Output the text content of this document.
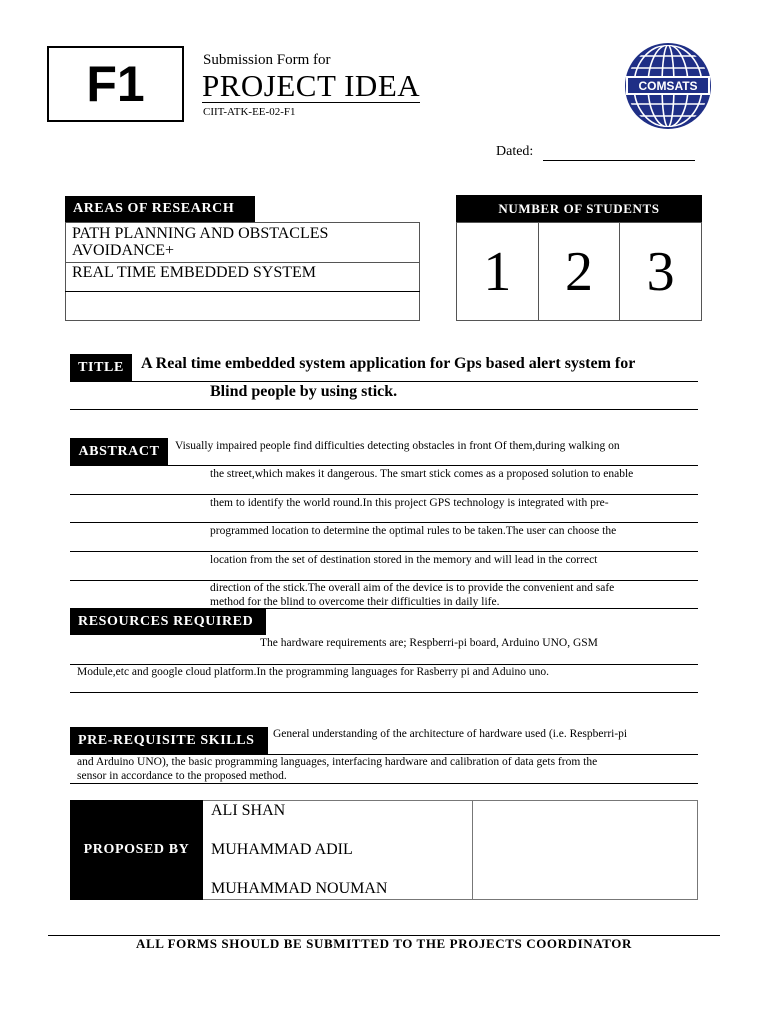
F1	Submission Form for
PROJECT IDEA
CIIT-ATK-EE-02-F1
COMSATS
Dated:
AREAS OF RESEARCH
PATH PLANNING AND OBSTACLES
AVOIDANCE+
REAL TIME EMBEDDED SYSTEM
NUMBER OF STUDENTS
1 2 3
TITLE A Real time embedded system application for Gps based alert system for
Blind people by using stick.
ABSTRACT Visually impaired people find difficulties detecting obstacles in front Of them,during walking on
the street,which makes it dangerous. The smart stick comes as a proposed solution to enable
them to identify the world round.In this project GPS technology is integrated with pre-
programmed location to determine the optimal rules to be taken.The user can choose the
location from the set of destination stored in the memory and will lead in the correct
direction of the stick.The overall aim of the device is to provide the convenient and safe
method for the blind to overcome their difficulties in daily life.
RESOURCES REQUIRED
The hardware requirements are; Respberri-pi board, Arduino UNO, GSM
Module,etc and google cloud platform.In the programming languages for Rasberry pi and Aduino uno.
PRE-REQUISITE SKILLS General understanding of the architecture of hardware used (i.e. Respberri-pi
and Arduino UNO), the basic programming languages, interfacing hardware and calibration of data gets from the
sensor in accordance to the proposed method.
PROPOSED BY
ALI SHAN
MUHAMMAD ADIL
MUHAMMAD NOUMAN
ALL FORMS SHOULD BE SUBMITTED TO THE PROJECTS COORDINATOR
